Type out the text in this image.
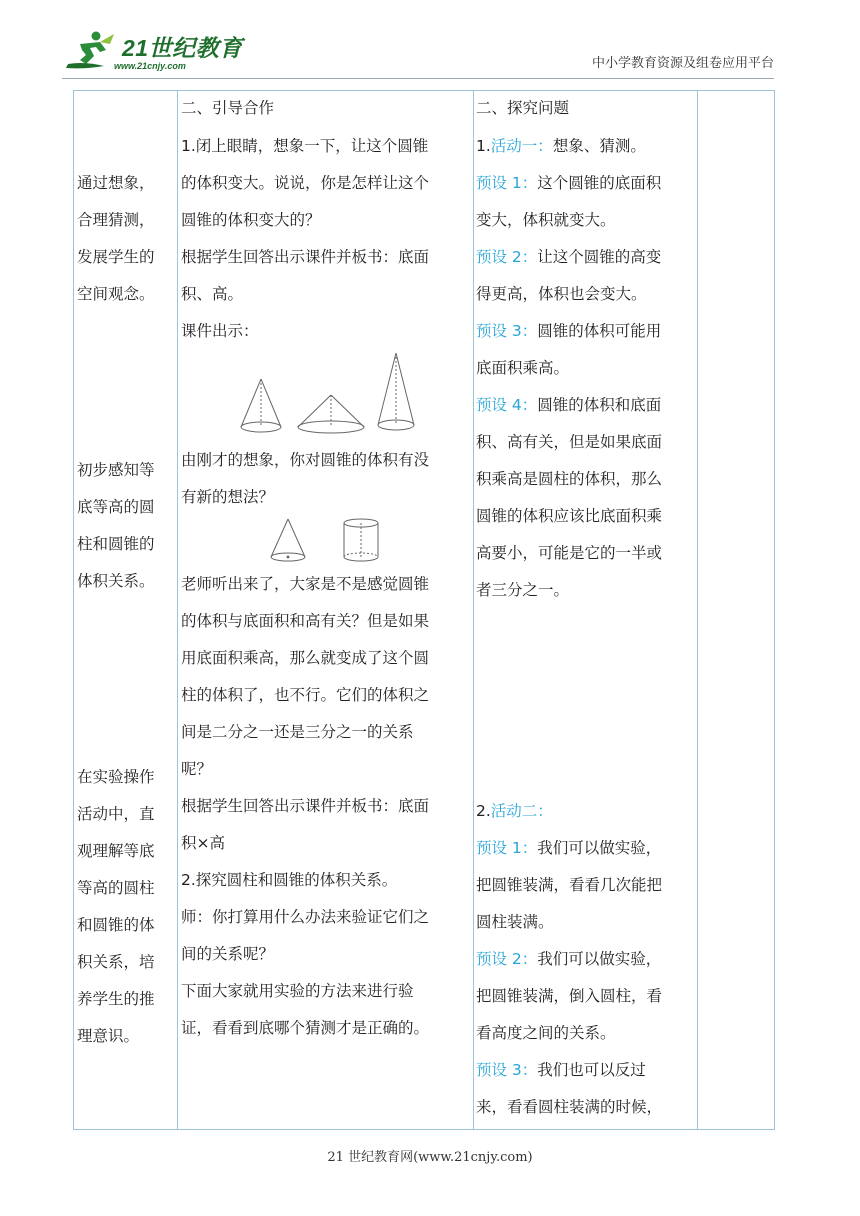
21世纪教育
www.21cnjy.com	中小学教育资源及组卷应用平台
通过想象，
合理猜测，
发展学生的
空间观念。
初步感知等
底等高的圆
柱和圆锥的
体积关系。
在实验操作
活动中，直
观理解等底
等高的圆柱
和圆锥的体
积关系，培
养学生的推
理意识。
二、引导合作
1.闭上眼睛，想象一下，让这个圆锥
的体积变大。说说，你是怎样让这个
圆锥的体积变大的？
根据学生回答出示课件并板书：底面
积、高。
课件出示：
由刚才的想象，你对圆锥的体积有没
有新的想法？
老师听出来了，大家是不是感觉圆锥
的体积与底面积和高有关？但是如果
用底面积乘高，那么就变成了这个圆
柱的体积了，也不行。它们的体积之
间是二分之一还是三分之一的关系
呢？
根据学生回答出示课件并板书：底面
积×高
2.探究圆柱和圆锥的体积关系。
师：你打算用什么办法来验证它们之
间的关系呢？
下面大家就用实验的方法来进行验
证，看看到底哪个猜测才是正确的。
二、探究问题
1.活动一：想象、猜测。
预设 1：这个圆锥的底面积
变大，体积就变大。
预设 2：让这个圆锥的高变
得更高，体积也会变大。
预设 3：圆锥的体积可能用
底面积乘高。
预设 4：圆锥的体积和底面
积、高有关，但是如果底面
积乘高是圆柱的体积，那么
圆锥的体积应该比底面积乘
高要小，可能是它的一半或
者三分之一。
2.活动二：
预设 1：我们可以做实验，
把圆锥装满，看看几次能把
圆柱装满。
预设 2：我们可以做实验，
把圆锥装满，倒入圆柱，看
看高度之间的关系。
预设 3：我们也可以反过
来，看看圆柱装满的时候，
21 世纪教育网(www.21cnjy.com)
